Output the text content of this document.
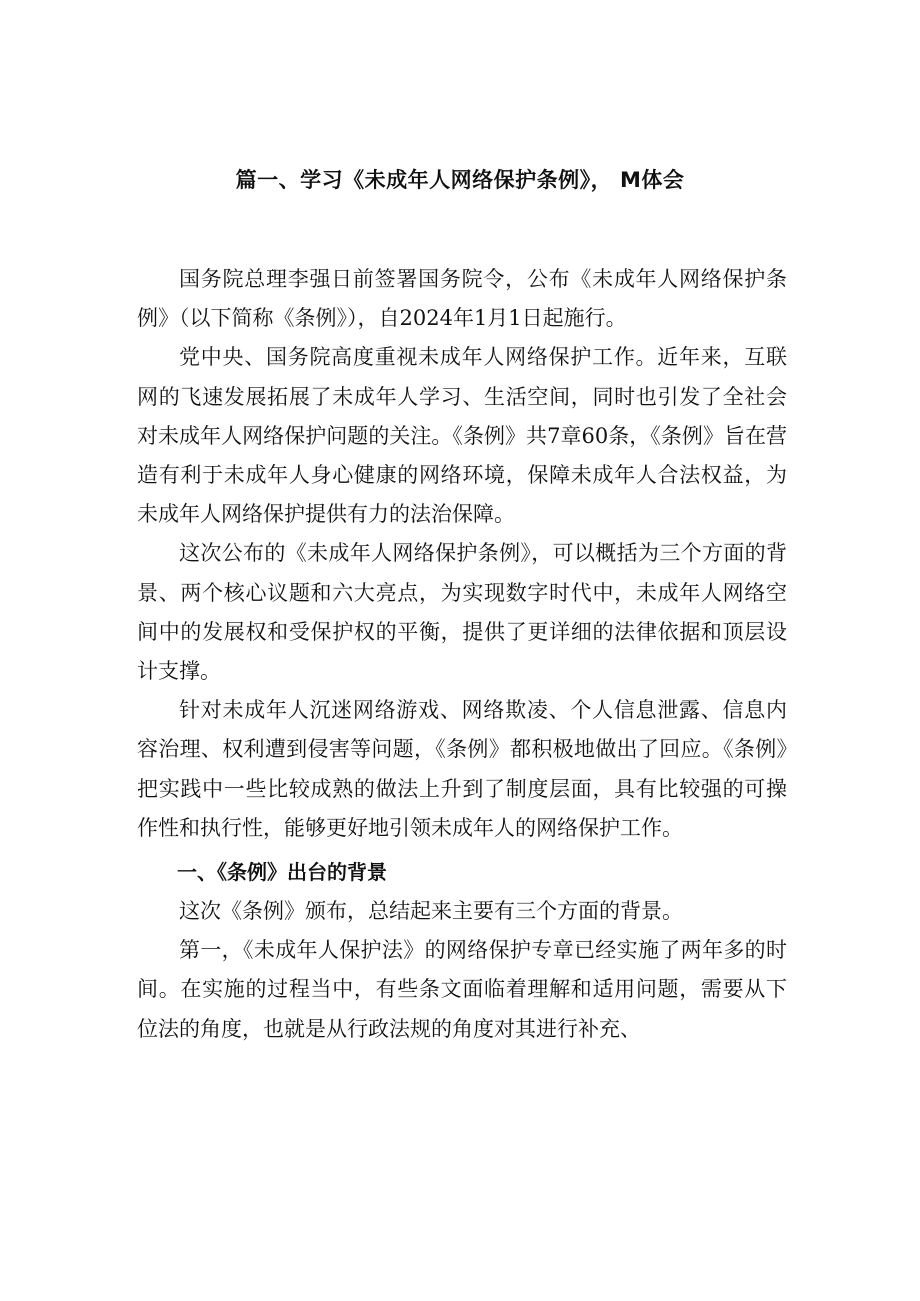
篇一、学习《未成年人网络保护条例》， M体会

国务院总理李强日前签署国务院令，公布《未成年人网络保护条例》（以下简称《条例》），自2024年1月1日起施行。

党中央、国务院高度重视未成年人网络保护工作。近年来，互联网的飞速发展拓展了未成年人学习、生活空间，同时也引发了全社会对未成年人网络保护问题的关注。《条例》共7章60条，《条例》旨在营造有利于未成年人身心健康的网络环境，保障未成年人合法权益，为未成年人网络保护提供有力的法治保障。

这次公布的《未成年人网络保护条例》，可以概括为三个方面的背景、两个核心议题和六大亮点，为实现数字时代中，未成年人网络空间中的发展权和受保护权的平衡，提供了更详细的法律依据和顶层设计支撑。

针对未成年人沉迷网络游戏、网络欺凌、个人信息泄露、信息内容治理、权利遭到侵害等问题，《条例》都积极地做出了回应。《条例》把实践中一些比较成熟的做法上升到了制度层面，具有比较强的可操作性和执行性，能够更好地引领未成年人的网络保护工作。

一、《条例》出台的背景

这次《条例》颁布，总结起来主要有三个方面的背景。

第一，《未成年人保护法》的网络保护专章已经实施了两年多的时间。在实施的过程当中，有些条文面临着理解和适用问题，需要从下位法的角度，也就是从行政法规的角度对其进行补充、
